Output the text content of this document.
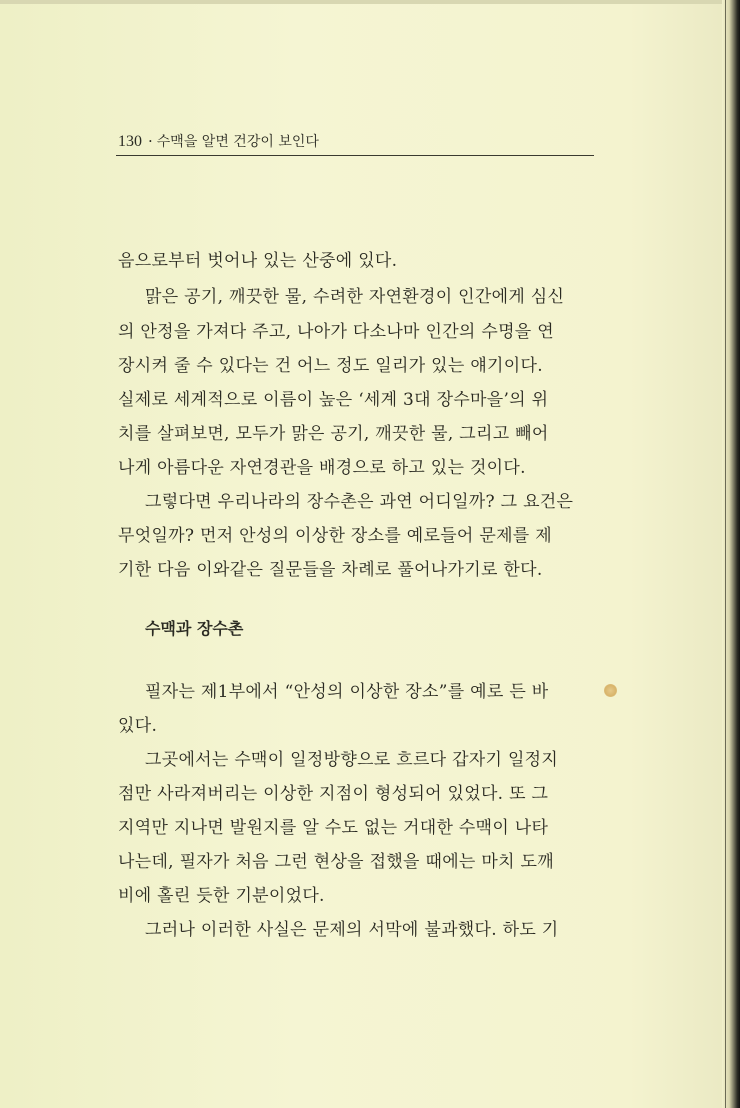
130 · 수맥을 알면 건강이 보인다
음으로부터 벗어나 있는 산중에 있다.
맑은 공기, 깨끗한 물, 수려한 자연환경이 인간에게 심신
의 안정을 가져다 주고, 나아가 다소나마 인간의 수명을 연
장시켜 줄 수 있다는 건 어느 정도 일리가 있는 얘기이다.
실제로 세계적으로 이름이 높은 ‘세계 3대 장수마을’의 위
치를 살펴보면, 모두가 맑은 공기, 깨끗한 물, 그리고 빼어
나게 아름다운 자연경관을 배경으로 하고 있는 것이다.
그렇다면 우리나라의 장수촌은 과연 어디일까? 그 요건은
무엇일까? 먼저 안성의 이상한 장소를 예로들어 문제를 제
기한 다음 이와같은 질문들을 차례로 풀어나가기로 한다.
수맥과 장수촌
필자는 제1부에서 “안성의 이상한 장소”를 예로 든 바
있다.
그곳에서는 수맥이 일정방향으로 흐르다 갑자기 일정지
점만 사라져버리는 이상한 지점이 형성되어 있었다. 또 그
지역만 지나면 발원지를 알 수도 없는 거대한 수맥이 나타
나는데, 필자가 처음 그런 현상을 접했을 때에는 마치 도깨
비에 홀린 듯한 기분이었다.
그러나 이러한 사실은 문제의 서막에 불과했다. 하도 기
